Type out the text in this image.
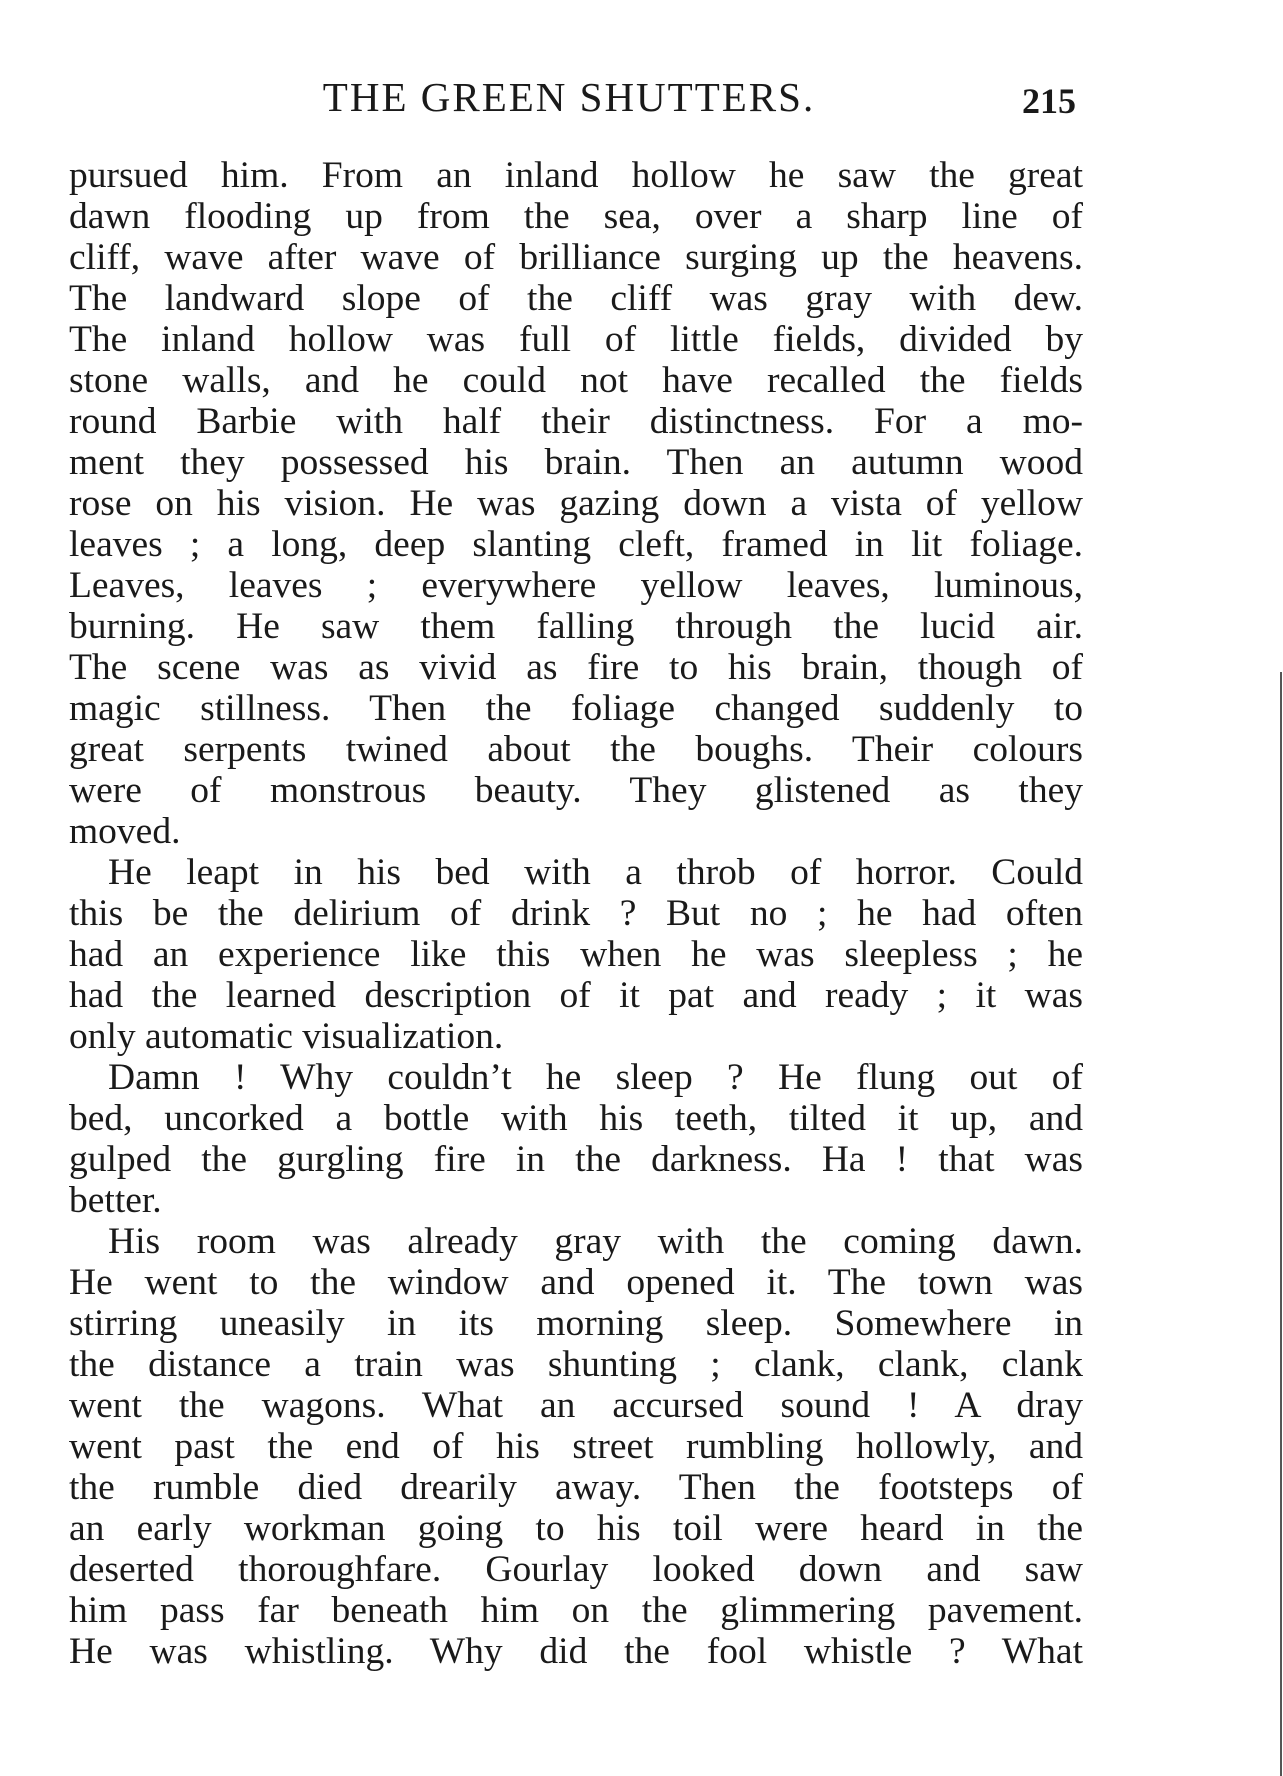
THE GREEN SHUTTERS.	215
pursued him. From an inland hollow he saw the great
dawn flooding up from the sea, over a sharp line of
cliff, wave after wave of brilliance surging up the heavens.
The landward slope of the cliff was gray with dew.
The inland hollow was full of little fields, divided by
stone walls, and he could not have recalled the fields
round Barbie with half their distinctness. For a mo-
ment they possessed his brain. Then an autumn wood
rose on his vision. He was gazing down a vista of yellow
leaves ; a long, deep slanting cleft, framed in lit foliage.
Leaves, leaves ; everywhere yellow leaves, luminous,
burning. He saw them falling through the lucid air.
The scene was as vivid as fire to his brain, though of
magic stillness. Then the foliage changed suddenly to
great serpents twined about the boughs. Their colours
were of monstrous beauty. They glistened as they
moved.
He leapt in his bed with a throb of horror. Could
this be the delirium of drink ? But no ; he had often
had an experience like this when he was sleepless ; he
had the learned description of it pat and ready ; it was
only automatic visualization.
Damn ! Why couldn’t he sleep ? He flung out of
bed, uncorked a bottle with his teeth, tilted it up, and
gulped the gurgling fire in the darkness. Ha ! that was
better.
His room was already gray with the coming dawn.
He went to the window and opened it. The town was
stirring uneasily in its morning sleep. Somewhere in
the distance a train was shunting ; clank, clank, clank
went the wagons. What an accursed sound ! A dray
went past the end of his street rumbling hollowly, and
the rumble died drearily away. Then the footsteps of
an early workman going to his toil were heard in the
deserted thoroughfare. Gourlay looked down and saw
him pass far beneath him on the glimmering pavement.
He was whistling. Why did the fool whistle ? What
